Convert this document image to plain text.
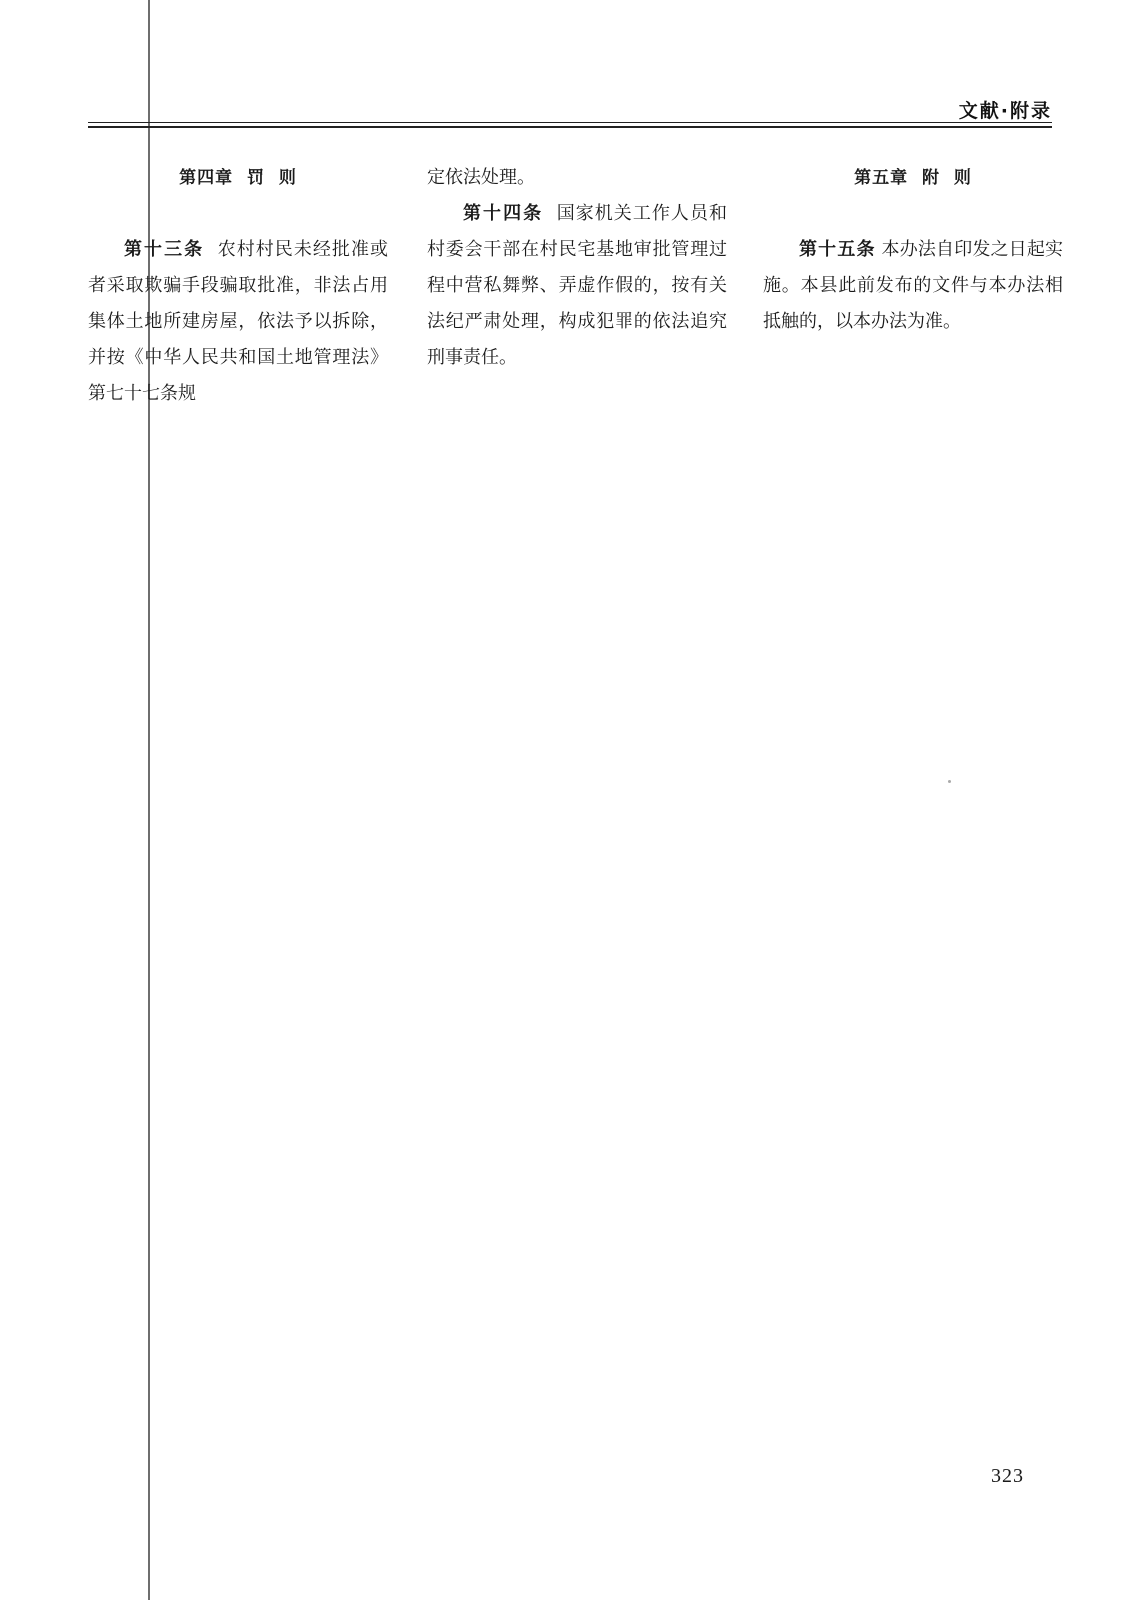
文献·附录

第四章  罚  则

第十三条 农村村民未经批准或者采取欺骗手段骗取批准，非法占用集体土地所建房屋，依法予以拆除，并按《中华人民共和国土地管理法》第七十七条规

定依法处理。

第十四条 国家机关工作人员和村委会干部在村民宅基地审批管理过程中营私舞弊、弄虚作假的，按有关法纪严肃处理，构成犯罪的依法追究刑事责任。

第五章  附  则

第十五条 本办法自印发之日起实施。本县此前发布的文件与本办法相抵触的，以本办法为准。

323
